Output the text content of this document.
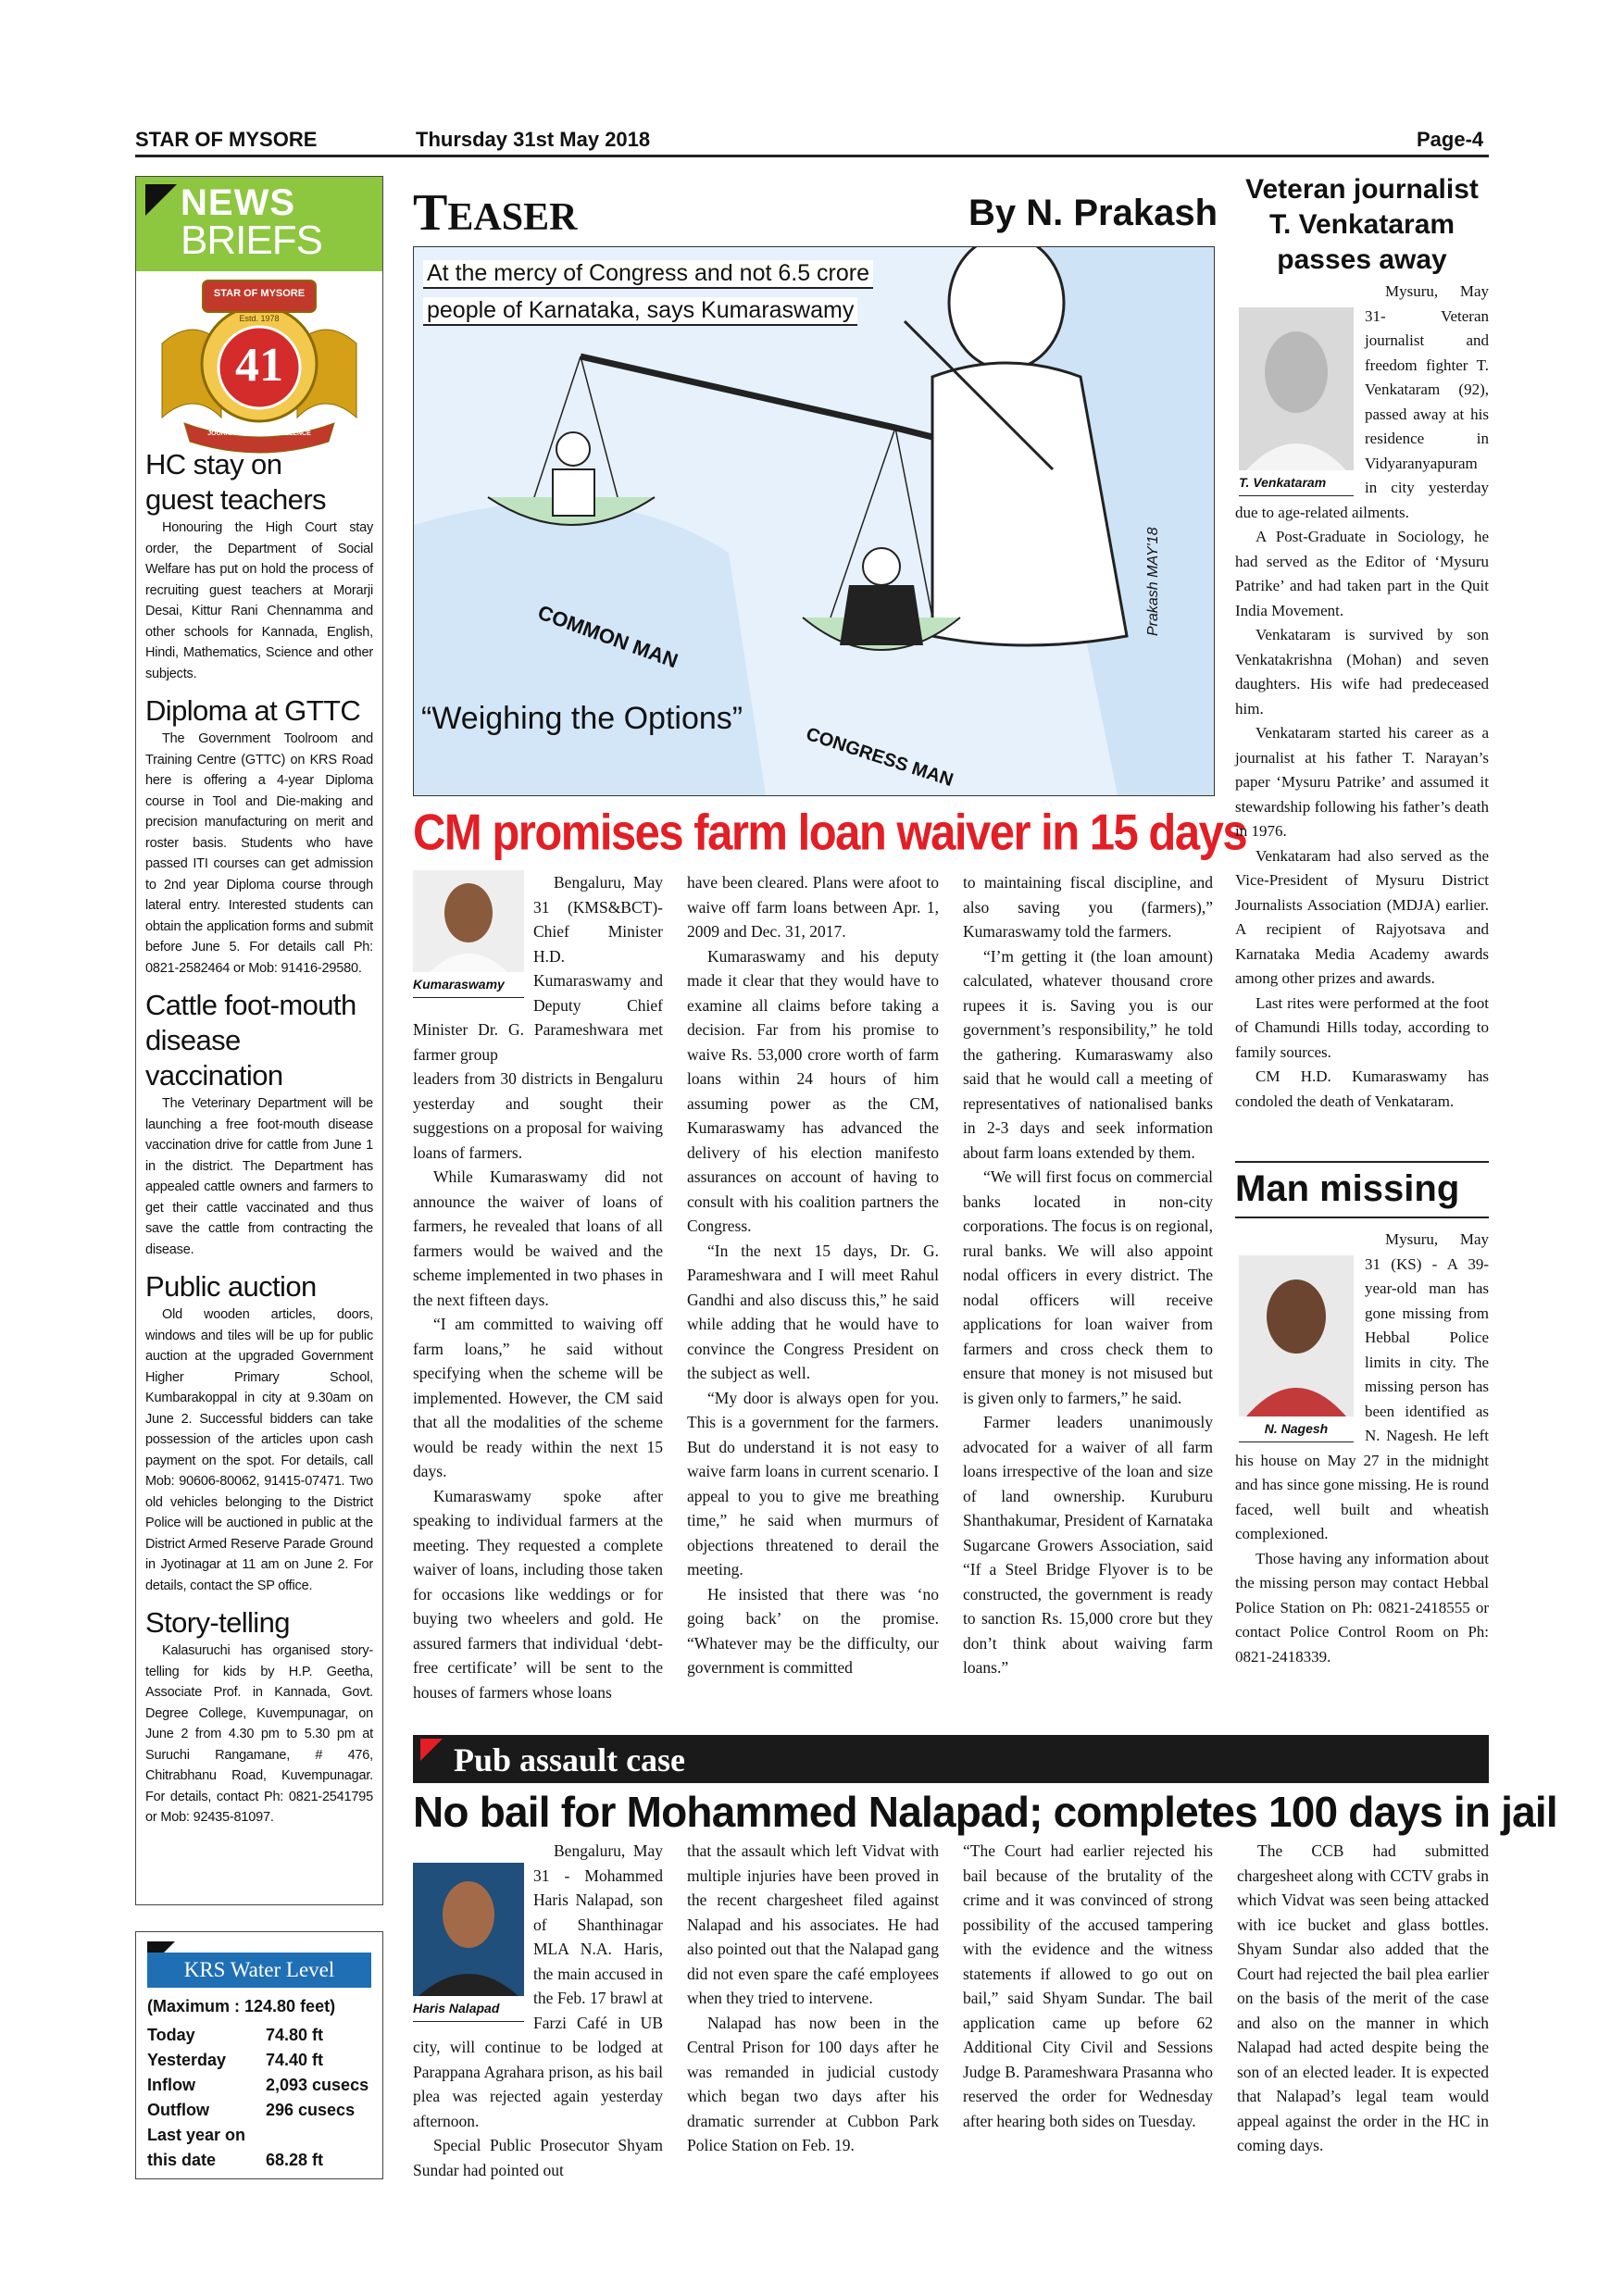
STAR OF MYSORE	Thursday 31st May 2018	Page-4
NEWS
BRIEFS
STAR OF MYSORE
Estd. 1978
41
JOURNALISM PAR EXCELLENCE
HC stay on
guest teachers

Honouring the High Court stay order, the Department of Social Welfare has put on hold the process of recruiting guest teachers at Morarji Desai, Kittur Rani Chennamma and other schools for Kannada, English, Hindi, Mathematics, Science and other subjects.

Diploma at GTTC

The Government Toolroom and Training Centre (GTTC) on KRS Road here is offering a 4-year Diploma course in Tool and Die-making and precision manufacturing on merit and roster basis. Students who have passed ITI courses can get admission to 2nd year Diploma course through lateral entry. Interested students can obtain the application forms and submit before June 5. For details call Ph: 0821-2582464 or Mob: 91416-29580.

Cattle foot-mouth
disease vaccination

The Veterinary Department will be launching a free foot-mouth disease vaccination drive for cattle from June 1 in the district. The Department has appealed cattle owners and farmers to get their cattle vaccinated and thus save the cattle from contracting the disease.

Public auction

Old wooden articles, doors, windows and tiles will be up for public auction at the upgraded Government Higher Primary School, Kumbarakoppal in city at 9.30am on June 2. Successful bidders can take possession of the articles upon cash payment on the spot. For details, call Mob: 90606-80062, 91415-07471. Two old vehicles belonging to the District Police will be auctioned in public at the District Armed Reserve Parade Ground in Jyotinagar at 11 am on June 2. For details, contact the SP office.

Story-telling

Kalasuruchi has organised story-telling for kids by H.P. Geetha, Associate Prof. in Kannada, Govt. Degree College, Kuvempunagar, on June 2 from 4.30 pm to 5.30 pm at Suruchi Rangamane, # 476, Chitrabhanu Road, Kuvempunagar. For details, contact Ph: 0821-2541795 or Mob: 92435-81097.

KRS Water Level
(Maximum : 124.80 feet)
Today	74.80 ft
Yesterday 74.40 ft
Inflow	2,093 cusecs
Outflow	296 cusecs
Last year on
this date	68.28 ft
TEASER	By N. Prakash
At the mercy of Congress and not 6.5 crore
people of Karnataka, says Kumaraswamy
COMMON MAN
CONGRESS MAN
“Weighing the Options”
Prakash MAY'18
CM promises farm loan waiver in 15 days
Kumaraswamy

Bengaluru, May 31 (KMS&BCT)- Chief Minister H.D. Kumaraswamy and Deputy Chief Minister Dr. G. Parameshwara met farmer group

leaders from 30 districts in Bengaluru yesterday and sought their suggestions on a proposal for waiving loans of farmers.

While Kumaraswamy did not announce the waiver of loans of farmers, he revealed that loans of all farmers would be waived and the scheme implemented in two phases in the next fifteen days.

“I am committed to waiving off farm loans,” he said without specifying when the scheme will be implemented. However, the CM said that all the modalities of the scheme would be ready within the next 15 days.

Kumaraswamy spoke after speaking to individual farmers at the meeting. They requested a complete waiver of loans, including those taken for occasions like weddings or for buying two wheelers and gold. He assured farmers that individual ‘debt-free certificate’ will be sent to the houses of farmers whose loans

have been cleared. Plans were afoot to waive off farm loans between Apr. 1, 2009 and Dec. 31, 2017.

Kumaraswamy and his deputy made it clear that they would have to examine all claims before taking a decision. Far from his promise to waive Rs. 53,000 crore worth of farm loans within 24 hours of him assuming power as the CM, Kumaraswamy has advanced the delivery of his election manifesto assurances on account of having to consult with his coalition partners the Congress.

“In the next 15 days, Dr. G. Parameshwara and I will meet Rahul Gandhi and also discuss this,” he said while adding that he would have to convince the Congress President on the subject as well.

“My door is always open for you. This is a government for the farmers. But do understand it is not easy to waive farm loans in current scenario. I appeal to you to give me breathing time,” he said when murmurs of objections threatened to derail the meeting.

He insisted that there was ‘no going back’ on the promise. “Whatever may be the difficulty, our government is committed

to maintaining fiscal discipline, and also saving you (farmers),” Kumaraswamy told the farmers.

“I’m getting it (the loan amount) calculated, whatever thousand crore rupees it is. Saving you is our government’s responsibility,” he told the gathering. Kumaraswamy also said that he would call a meeting of representatives of nationalised banks in 2-3 days and seek information about farm loans extended by them.

“We will first focus on commercial banks located in non-city corporations. The focus is on regional, rural banks. We will also appoint nodal officers in every district. The nodal officers will receive applications for loan waiver from farmers and cross check them to ensure that money is not misused but is given only to farmers,” he said.

Farmer leaders unanimously advocated for a waiver of all farm loans irrespective of the loan and size of land ownership. Kuruburu Shanthakumar, President of Karnataka Sugarcane Growers Association, said “If a Steel Bridge Flyover is to be constructed, the government is ready to sanction Rs. 15,000 crore but they don’t think about waiving farm loans.”

Veteran journalist
T. Venkataram
passes away
T. Venkataram

Mysuru, May 31- Veteran journalist and freedom fighter T. Venkataram (92), passed away at his residence in Vidyaranyapuram in city yesterday due to age-related ailments.

A Post-Graduate in Sociology, he had served as the Editor of ‘Mysuru Patrike’ and had taken part in the Quit India Movement.

Venkataram is survived by son Venkatakrishna (Mohan) and seven daughters. His wife had predeceased him.

Venkataram started his career as a journalist at his father T. Narayan’s paper ‘Mysuru Patrike’ and assumed it stewardship following his father’s death in 1976.

Venkataram had also served as the Vice-President of Mysuru District Journalists Association (MDJA) earlier. A recipient of Rajyotsava and Karnataka Media Academy awards among other prizes and awards.

Last rites were performed at the foot of Chamundi Hills today, according to family sources.

CM H.D. Kumaraswamy has condoled the death of Venkataram.

Man missing
N. Nagesh

Mysuru, May 31 (KS) - A 39-year-old man has gone missing from Hebbal Police limits in city. The missing person has been identified as N. Nagesh. He left his house on May 27 in the midnight and has since gone missing. He is round faced, well built and wheatish complexioned.

Those having any information about the missing person may contact Hebbal Police Station on Ph: 0821-2418555 or contact Police Control Room on Ph: 0821-2418339.

Pub assault case
No bail for Mohammed Nalapad; completes 100 days in jail
Haris Nalapad

Bengaluru, May 31 - Mohammed Haris Nalapad, son of Shanthinagar MLA N.A. Haris, the main accused in the Feb. 17 brawl at Farzi Café in UB city, will continue to be lodged at Parappana Agrahara prison, as his bail plea was rejected again yesterday afternoon.

Special Public Prosecutor Shyam Sundar had pointed out

that the assault which left Vidvat with multiple injuries have been proved in the recent chargesheet filed against Nalapad and his associates. He had also pointed out that the Nalapad gang did not even spare the café employees when they tried to intervene.

Nalapad has now been in the Central Prison for 100 days after he was remanded in judicial custody which began two days after his dramatic surrender at Cubbon Park Police Station on Feb. 19.

“The Court had earlier rejected his bail because of the brutality of the crime and it was convinced of strong possibility of the accused tampering with the evidence and the witness statements if allowed to go out on bail,” said Shyam Sundar. The bail application came up before 62 Additional City Civil and Sessions Judge B. Parameshwara Prasanna who reserved the order for Wednesday after hearing both sides on Tuesday.

The CCB had submitted chargesheet along with CCTV grabs in which Vidvat was seen being attacked with ice bucket and glass bottles. Shyam Sundar also added that the Court had rejected the bail plea earlier on the basis of the merit of the case and also on the manner in which Nalapad had acted despite being the son of an elected leader. It is expected that Nalapad’s legal team would appeal against the order in the HC in coming days.
